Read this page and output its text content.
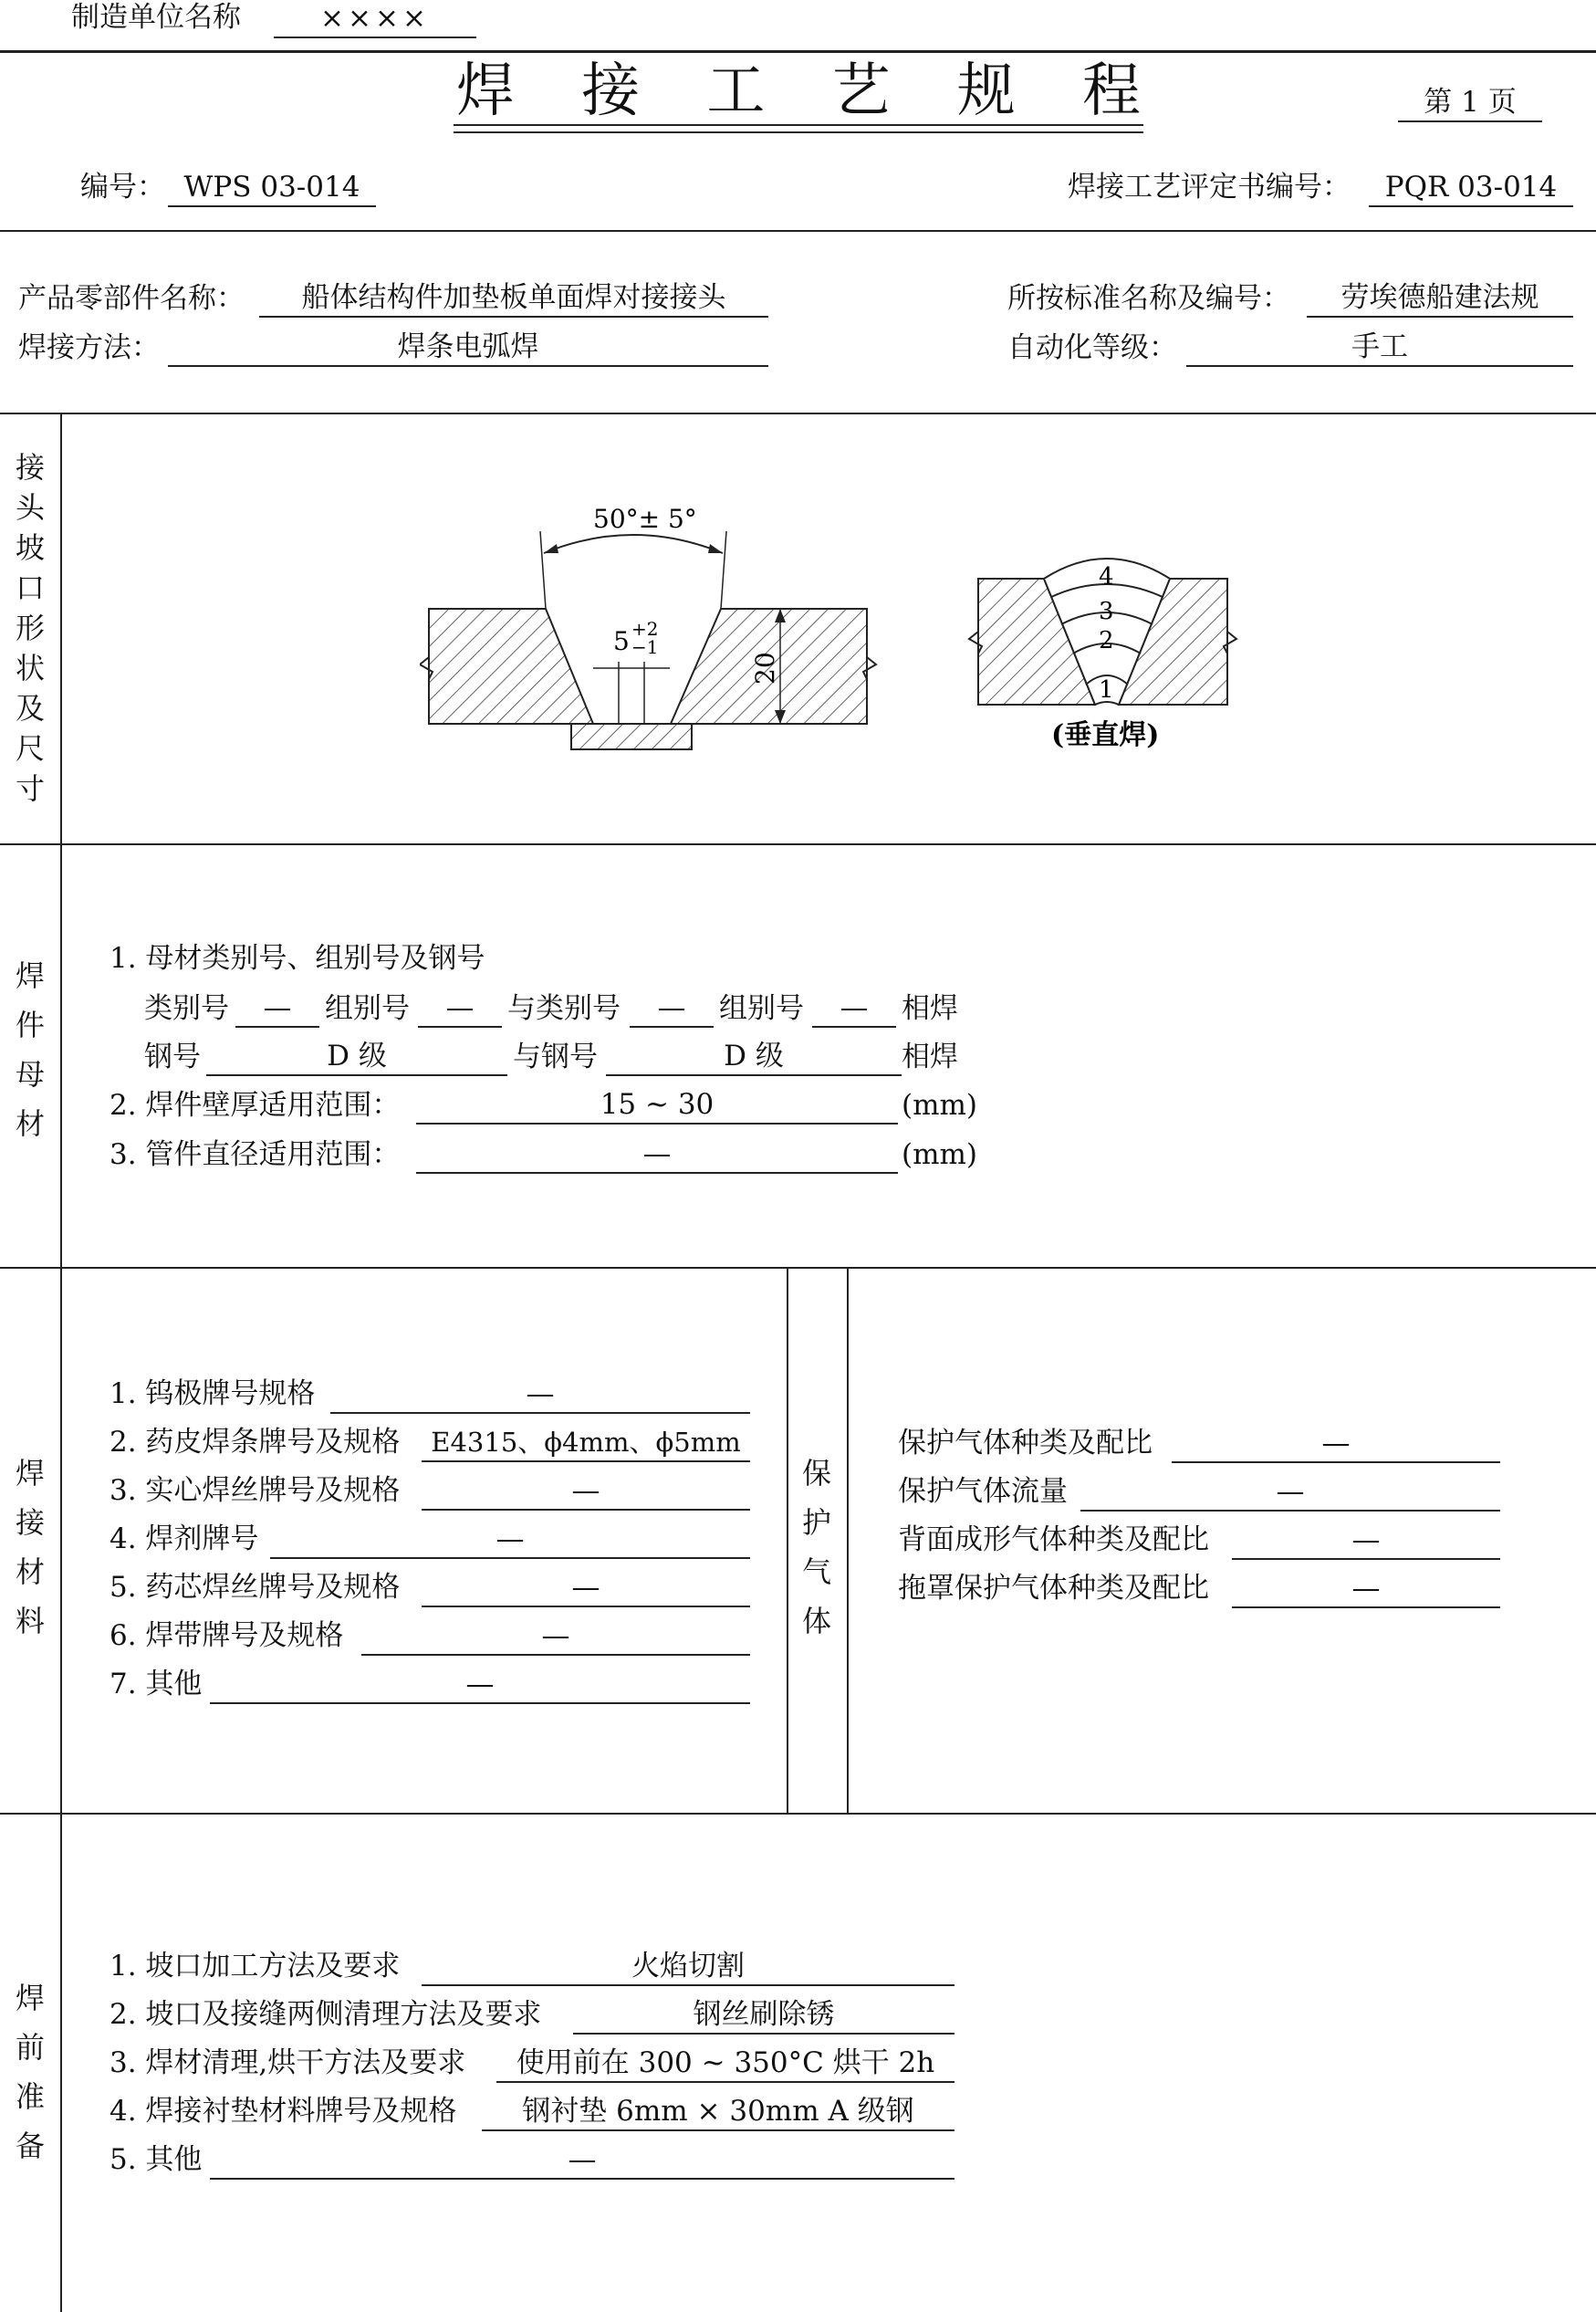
制造单位名称	××××
焊 接 工 艺 规 程	第 1 页
编号： WPS 03-014	焊接工艺评定书编号：	PQR 03-014
产品零部件名称：	船体结构件加垫板单面焊对接接头	所按标准名称及编号：	劳埃德船建法规
焊接方法：	焊条电弧焊	自动化等级：	手工
接
头
坡
口
形
状
及
尺
寸
焊
件
母
材
焊
接
材
料
保
护
气
体
焊
前
准
备
50°± 5°
5 +2
−1
20
4
3
2
1
(垂直焊)
1. 母材类别号、组别号及钢号
类别号	—	组别号	—	与类别号	—	组别号	—	相焊
钢号	D 级	与钢号	D 级	相焊
2. 焊件壁厚适用范围：	15 ~ 30	(mm)
3. 管件直径适用范围：	—	(mm)
1. 钨极牌号规格	—
2. 药皮焊条牌号及规格	E4315、ϕ4mm、ϕ5mm
3. 实心焊丝牌号及规格	—
4. 焊剂牌号	—
5. 药芯焊丝牌号及规格	—
6. 焊带牌号及规格	—
7. 其他	—
保护气体种类及配比	—
保护气体流量	—
背面成形气体种类及配比	—
拖罩保护气体种类及配比	—
1. 坡口加工方法及要求	火焰切割
2. 坡口及接缝两侧清理方法及要求	钢丝刷除锈
3. 焊材清理,烘干方法及要求	使用前在 300 ~ 350°C 烘干 2h
4. 焊接衬垫材料牌号及规格	钢衬垫 6mm × 30mm A 级钢
5. 其他	—
